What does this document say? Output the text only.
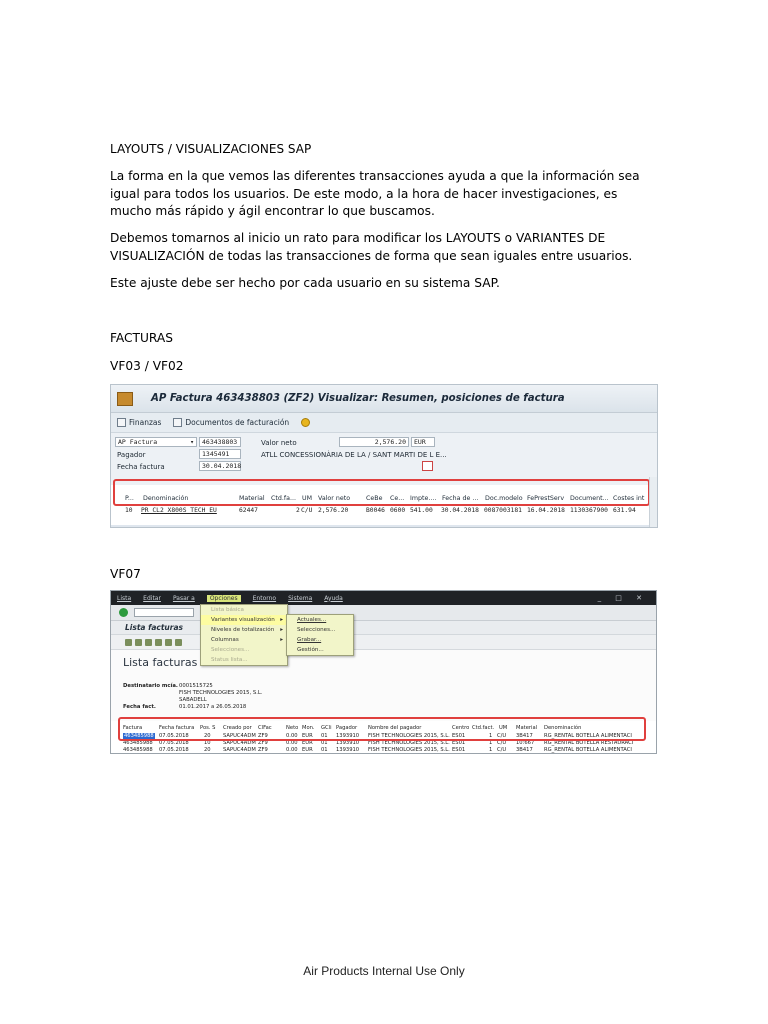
LAYOUTS / VISUALIZACIONES SAP
La forma en la que vemos las diferentes transacciones ayuda a que la información sea igual para todos los usuarios. De este modo, a la hora de hacer investigaciones, es mucho más rápido y ágil encontrar lo que buscamos.
Debemos tomarnos al inicio un rato para modificar los LAYOUTS o VARIANTES DE VISUALIZACIÓN de todas las transacciones de forma que sean iguales entre usuarios.
Este ajuste debe ser hecho por cada usuario en su sistema SAP.
FACTURAS
VF03 / VF02
AP Factura 463438803 (ZF2) Visualizar: Resumen, posiciones de factura
Finanzas	Documentos de facturación
AP Factura	▾	463438803	Valor neto	2,576.20	EUR
Pagador	1345491	ATLL CONCESSIONÀRIA DE LA / SANT MARTI DE L E...
Fecha factura	30.04.2018
P... Denominación	Material Ctd.fa... UM Valor neto	CeBe Ce... Impte.... Fecha de ... Doc.modelo FePrestServ Document... Costes int
10 PR CL2 X800S TECH EU	62447	2 C/U 2,576.20	B0046 0600 541.00 30.04.2018 0087003181 16.04.2018 1130367900 631.94
VF07
Lista Editar Pasar a	Opciones	Entorno Sistema Ayuda	_ □ ✕
Lista facturas
Lista facturas
Destinatario mcía. 0001515725
FISH TECHNOLOGIES 2015, S.L.
SABADELL
Fecha fact.	01.01.2017 a 26.05.2018
Factura	Fecha factura Pos. S Creado por ClFac	Neto Mon. GCli Pagador Nombre del pagador	Centro Ctd.fact. UM Material Denominación
463485988 07.05.2018	20 SAPUC4ADM ZF9	0.00 EUR 01 1393910 FISH TECHNOLOGIES 2015, S.L. ES01	1 C/U 3B417 RG_RENTAL BOTELLA ALIMENTACI
463485988 07.05.2018	10 SAPUC4ADM ZF9	0.00 EUR 01 1393910 FISH TECHNOLOGIES 2015, S.L. ES01	1 C/U 10:667 RG_RENTAL BOTELLA RESTAURACI
463485988 07.05.2018	20 SAPUC4ADM ZF9	0.00 EUR 01 1393910 FISH TECHNOLOGIES 2015, S.L. ES01	1 C/U 3B417 RG_RENTAL BOTELLA ALIMENTACI
Lista básica
Variantes visualización ▸
Niveles de totalización ▸
Columnas	▸
Selecciones...
Status lista...
Actuales...
Selecciones...
Grabar...
Gestión...
Air Products Internal Use Only
